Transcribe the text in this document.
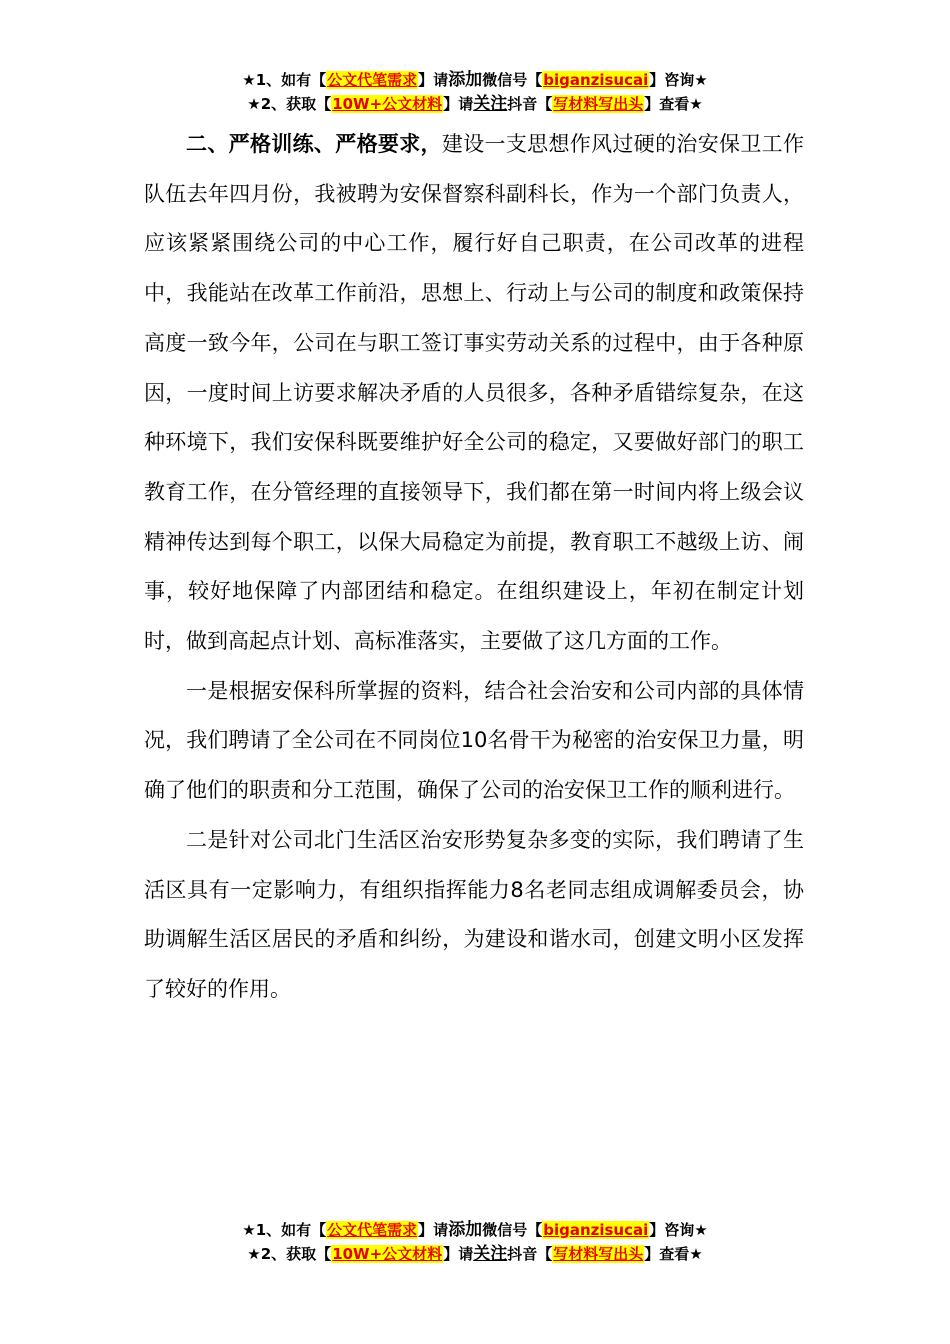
★1、如有【公文代笔需求】请添加微信号【biganzisucai】咨询★
★2、获取【10W+公文材料】请关注抖音【写材料写出头】查看★

二、严格训练、严格要求，建设一支思想作风过硬的治安保卫工作队伍去年四月份，我被聘为安保督察科副科长，作为一个部门负责人，应该紧紧围绕公司的中心工作，履行好自己职责，在公司改革的进程中，我能站在改革工作前沿，思想上、行动上与公司的制度和政策保持高度一致今年，公司在与职工签订事实劳动关系的过程中，由于各种原因，一度时间上访要求解决矛盾的人员很多，各种矛盾错综复杂，在这种环境下，我们安保科既要维护好全公司的稳定，又要做好部门的职工教育工作，在分管经理的直接领导下，我们都在第一时间内将上级会议精神传达到每个职工，以保大局稳定为前提，教育职工不越级上访、闹事，较好地保障了内部团结和稳定。在组织建设上，年初在制定计划时，做到高起点计划、高标准落实，主要做了这几方面的工作。

一是根据安保科所掌握的资料，结合社会治安和公司内部的具体情况，我们聘请了全公司在不同岗位10名骨干为秘密的治安保卫力量，明确了他们的职责和分工范围，确保了公司的治安保卫工作的顺利进行。

二是针对公司北门生活区治安形势复杂多变的实际，我们聘请了生活区具有一定影响力，有组织指挥能力8名老同志组成调解委员会，协助调解生活区居民的矛盾和纠纷，为建设和谐水司，创建文明小区发挥了较好的作用。

★1、如有【公文代笔需求】请添加微信号【biganzisucai】咨询★
★2、获取【10W+公文材料】请关注抖音【写材料写出头】查看★
